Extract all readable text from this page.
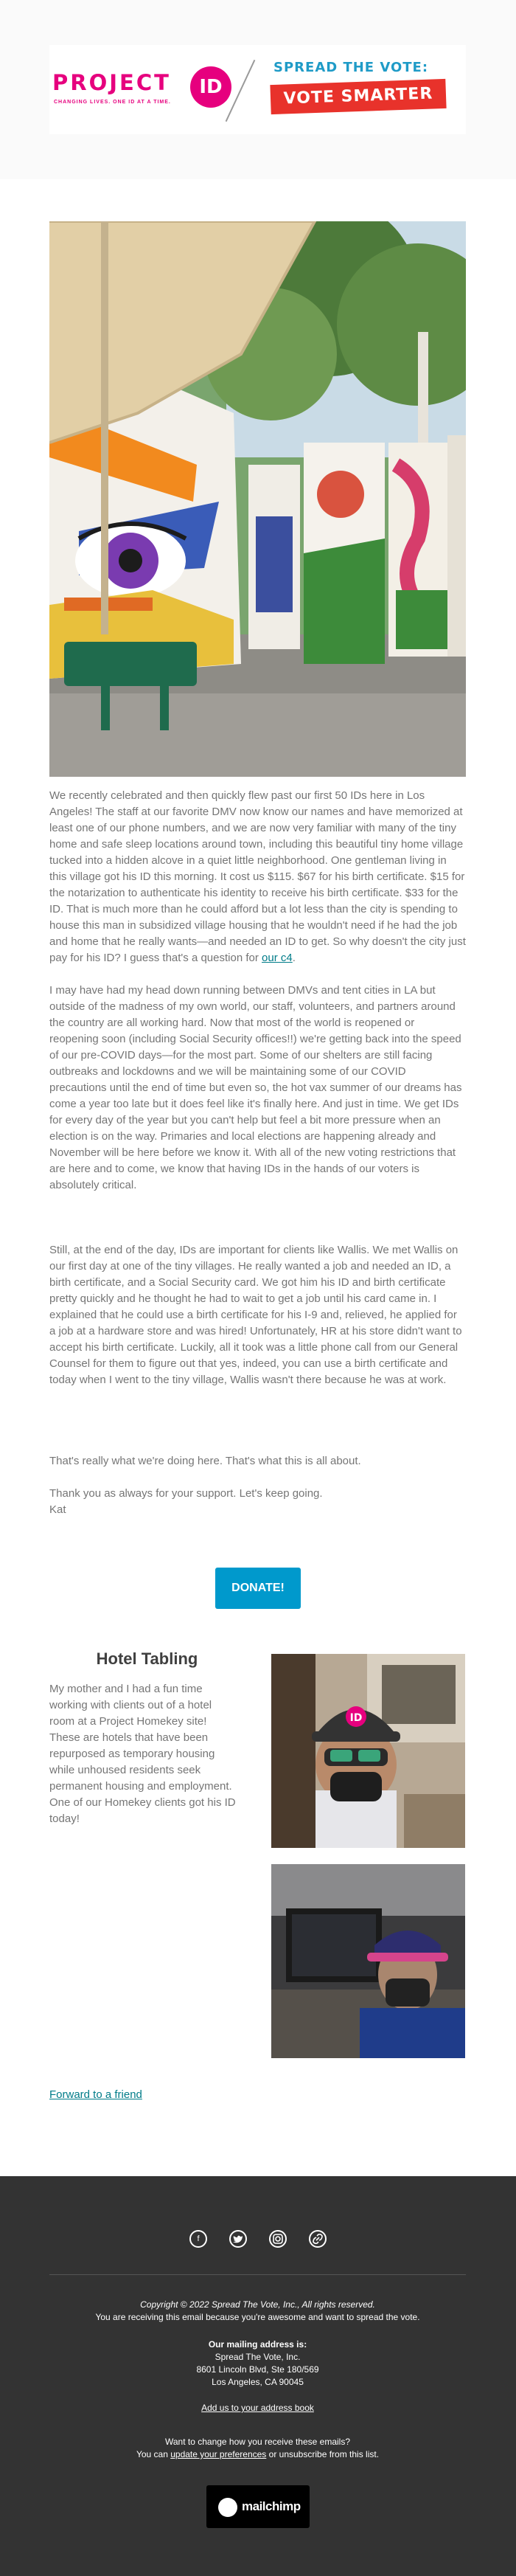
PROJECT	ID
CHANGING LIVES. ONE ID AT A TIME.
SPREAD THE VOTE:
VOTE SMARTER

We recently celebrated and then quickly flew past our first 50 IDs here in Los Angeles! The staff at our favorite DMV now know our names and have memorized at least one of our phone numbers, and we are now very familiar with many of the tiny home and safe sleep locations around town, including this beautiful tiny home village tucked into a hidden alcove in a quiet little neighborhood. One gentleman living in this village got his ID this morning. It cost us $115. $67 for his birth certificate. $15 for the notarization to authenticate his identity to receive his birth certificate. $33 for the ID. That is much more than he could afford but a lot less than the city is spending to house this man in subsidized village housing that he wouldn't need if he had the job and home that he really wants—and needed an ID to get. So why doesn't the city just pay for his ID? I guess that's a question for our c4.

I may have had my head down running between DMVs and tent cities in LA but outside of the madness of my own world, our staff, volunteers, and partners around the country are all working hard. Now that most of the world is reopened or reopening soon (including Social Security offices!!) we're getting back into the speed of our pre-COVID days—for the most part. Some of our shelters are still facing outbreaks and lockdowns and we will be maintaining some of our COVID precautions until the end of time but even so, the hot vax summer of our dreams has come a year too late but it does feel like it's finally here. And just in time. We get IDs for every day of the year but you can't help but feel a bit more pressure when an election is on the way. Primaries and local elections are happening already and November will be here before we know it. With all of the new voting restrictions that are here and to come, we know that having IDs in the hands of our voters is absolutely critical.
Still, at the end of the day, IDs are important for clients like Wallis. We met Wallis on our first day at one of the tiny villages. He really wanted a job and needed an ID, a birth certificate, and a Social Security card. We got him his ID and birth certificate pretty quickly and he thought he had to wait to get a job until his card came in. I explained that he could use a birth certificate for his I-9 and, relieved, he applied for a job at a hardware store and was hired! Unfortunately, HR at his store didn't want to accept his birth certificate. Luckily, all it took was a little phone call from our General Counsel for them to figure out that yes, indeed, you can use a birth certificate and today when I went to the tiny village, Wallis wasn't there because he was at work.
That's really what we're doing here. That's what this is all about.

Thank you as always for your support. Let's keep going.

Kat

DONATE!
Hotel Tabling
My mother and I had a fun time working with clients out of a hotel room at a Project Homekey site! These are hotels that have been repurposed as temporary housing while unhoused residents seek permanent housing and employment. One of our Homekey clients got his ID today!
ID
Forward to a friend
f
Copyright © 2022 Spread The Vote, Inc., All rights reserved.
You are receiving this email because you're awesome and want to spread the vote.
Our mailing address is:
Spread The Vote, Inc.
8601 Lincoln Blvd, Ste 180/569
Los Angeles, CA 90045
Add us to your address book
Want to change how you receive these emails?
You can update your preferences or unsubscribe from this list.
mailchimp
